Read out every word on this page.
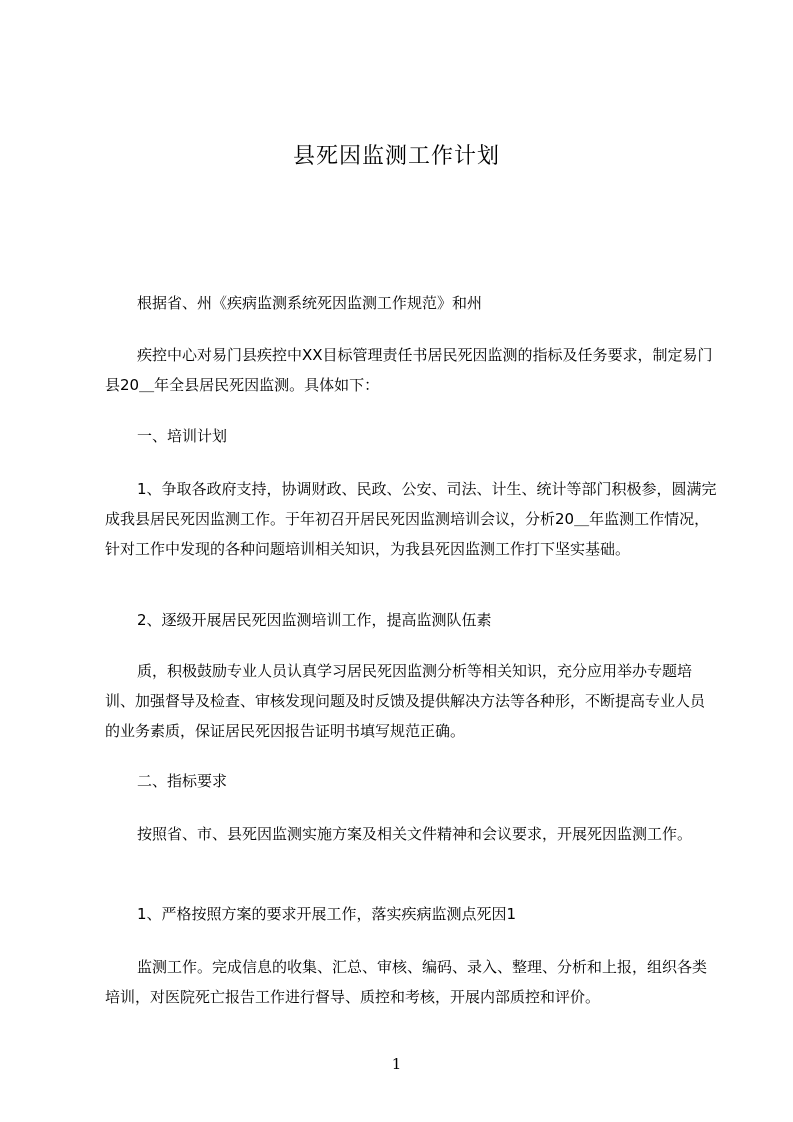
县死因监测工作计划

根据省、州《疾病监测系统死因监测工作规范》和州

疾控中心对易门县疾控中XX目标管理责任书居民死因监测的指标及任务要求，制定易门县20＿年全县居民死因监测。具体如下：

一、培训计划

1、争取各政府支持，协调财政、民政、公安、司法、计生、统计等部门积极参，圆满完成我县居民死因监测工作。于年初召开居民死因监测培训会议，分析20＿年监测工作情况，针对工作中发现的各种问题培训相关知识，为我县死因监测工作打下坚实基础。

2、逐级开展居民死因监测培训工作，提高监测队伍素

质，积极鼓励专业人员认真学习居民死因监测分析等相关知识，充分应用举办专题培训、加强督导及检查、审核发现问题及时反馈及提供解决方法等各种形，不断提高专业人员的业务素质，保证居民死因报告证明书填写规范正确。

二、指标要求

按照省、市、县死因监测实施方案及相关文件精神和会议要求，开展死因监测工作。

1、严格按照方案的要求开展工作，落实疾病监测点死因1

监测工作。完成信息的收集、汇总、审核、编码、录入、整理、分析和上报，组织各类培训，对医院死亡报告工作进行督导、质控和考核，开展内部质控和评价。

1
